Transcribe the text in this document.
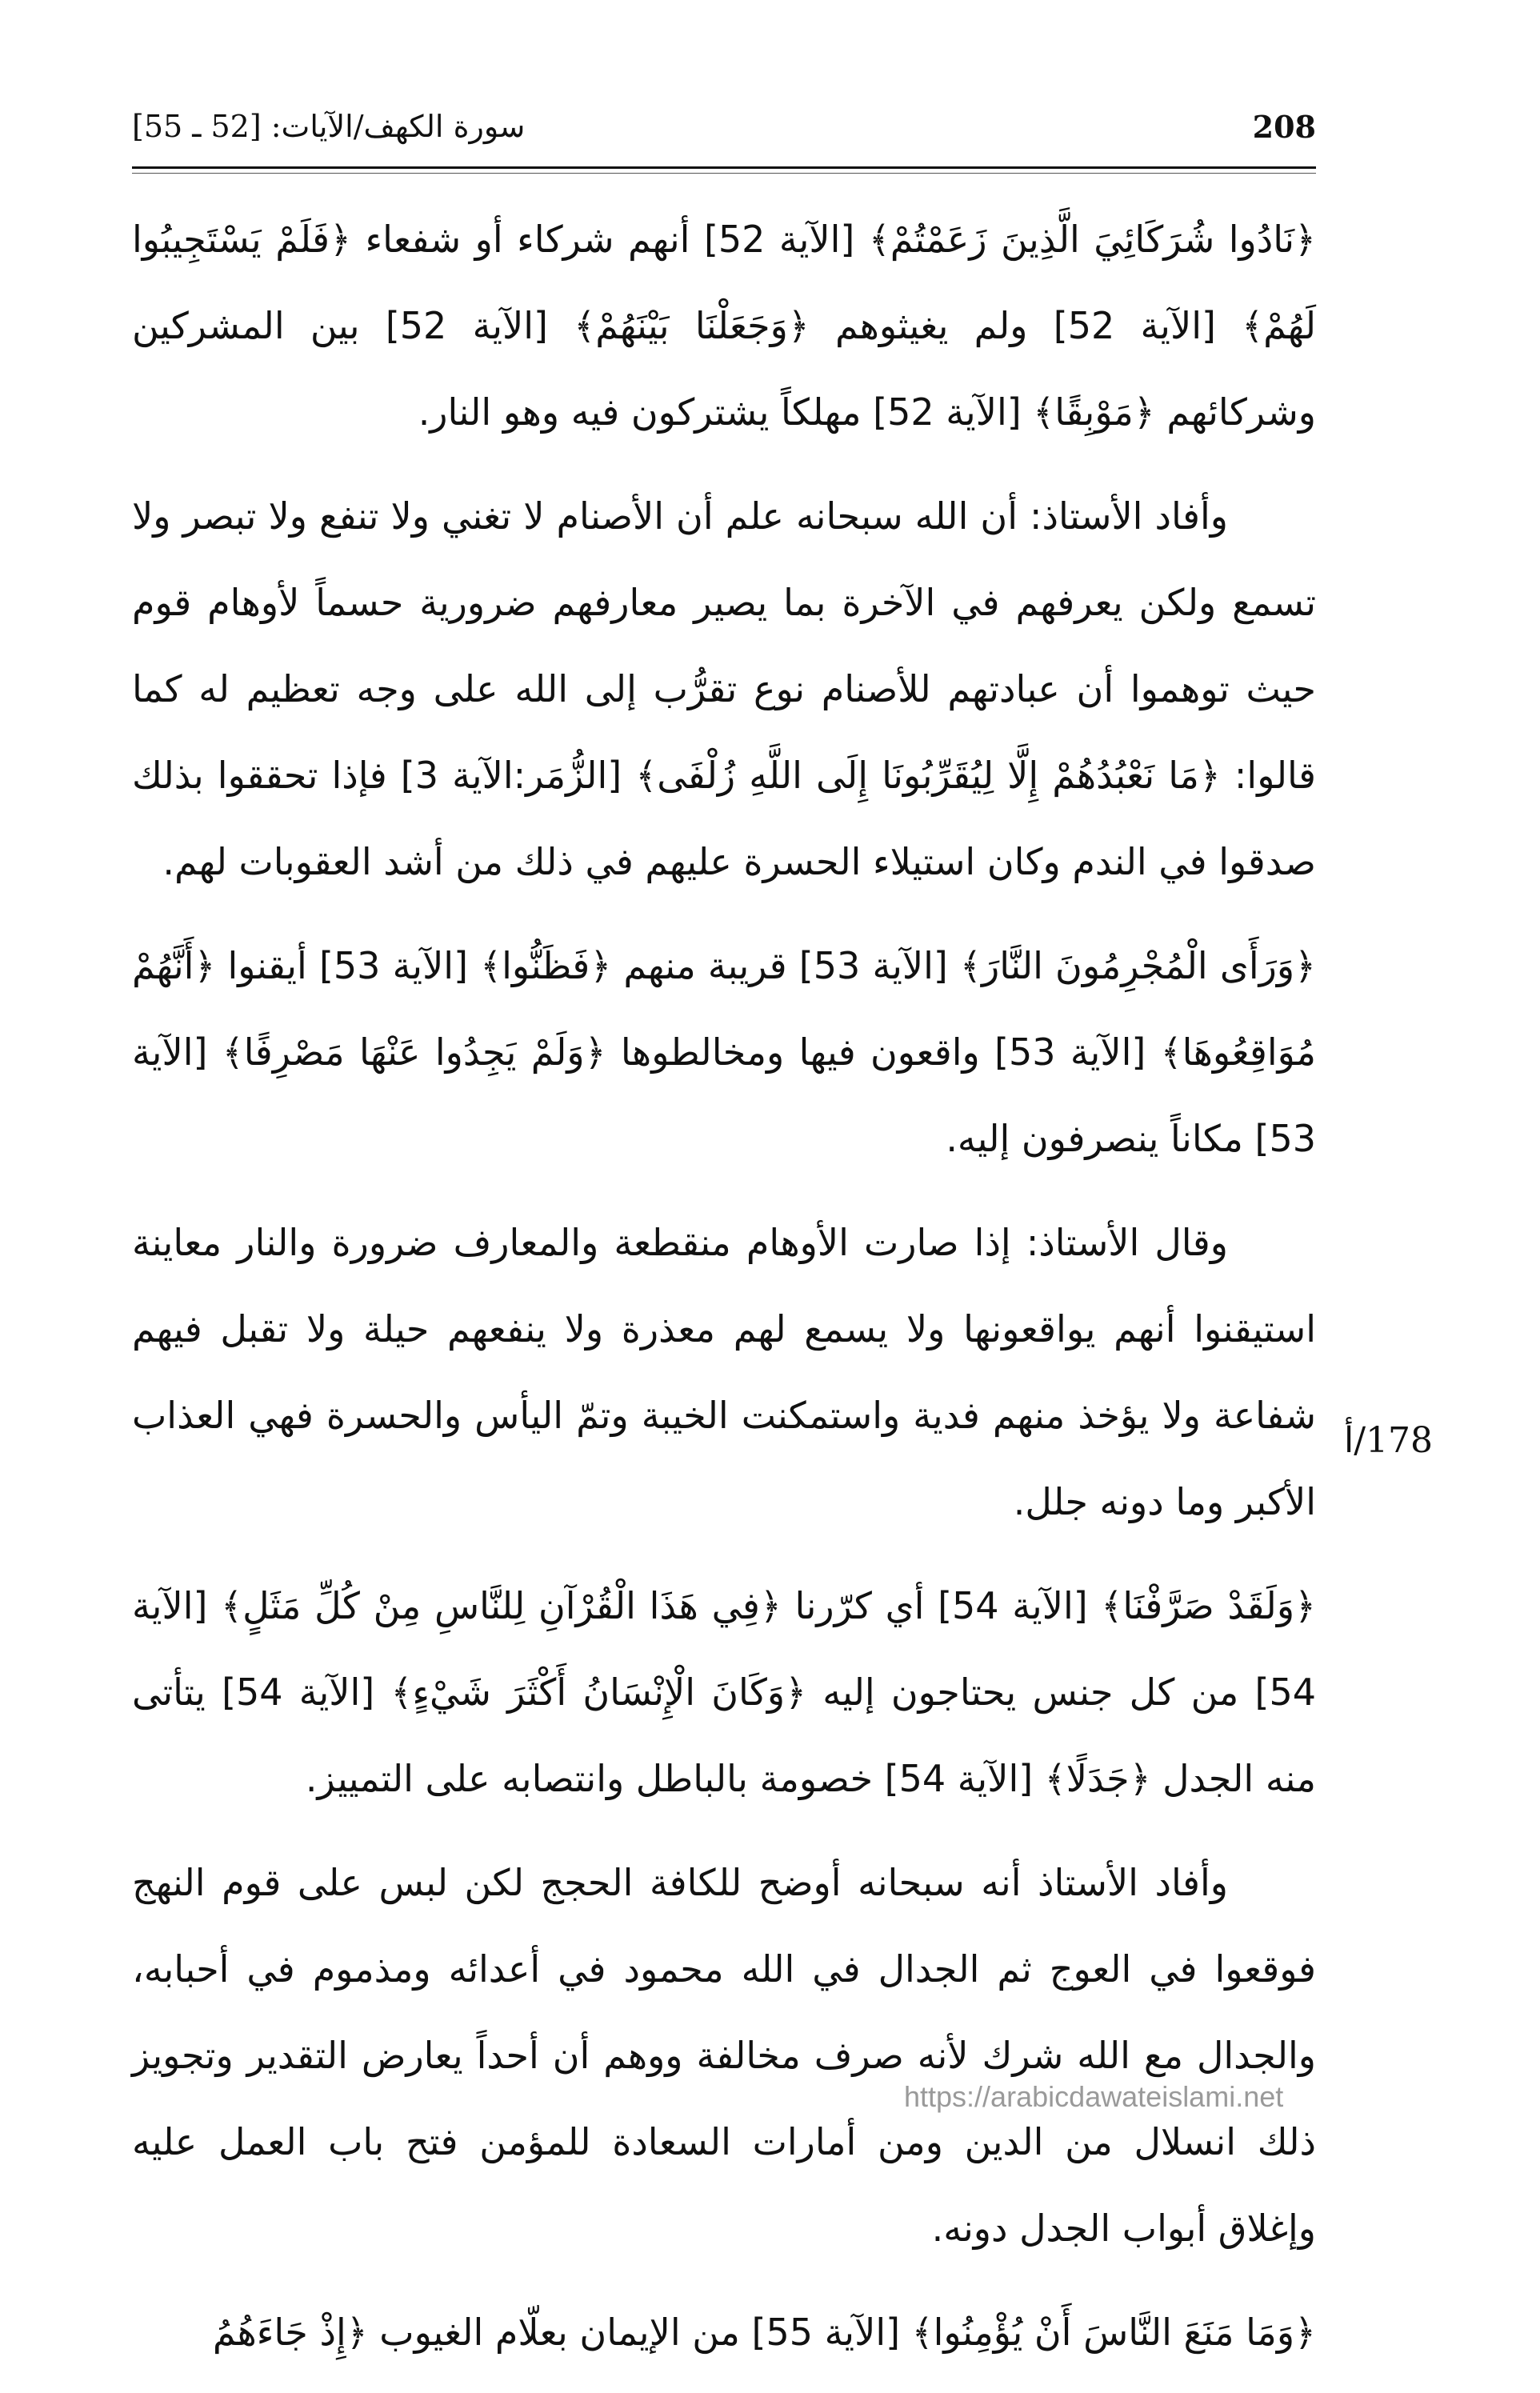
208
سورة الكهف/الآيات: [52 ـ 55]

﴿نَادُوا شُرَكَائِيَ الَّذِينَ زَعَمْتُمْ﴾ [الآية 52] أنهم شركاء أو شفعاء ﴿فَلَمْ يَسْتَجِيبُوا لَهُمْ﴾ [الآية 52] ولم يغيثوهم ﴿وَجَعَلْنَا بَيْنَهُمْ﴾ [الآية 52] بين المشركين وشركائهم ﴿مَوْبِقًا﴾ [الآية 52] مهلكاً يشتركون فيه وهو النار.

وأفاد الأستاذ: أن الله سبحانه علم أن الأصنام لا تغني ولا تنفع ولا تبصر ولا تسمع ولكن يعرفهم في الآخرة بما يصير معارفهم ضرورية حسماً لأوهام قوم حيث توهموا أن عبادتهم للأصنام نوع تقرُّب إلى الله على وجه تعظيم له كما قالوا: ﴿مَا نَعْبُدُهُمْ إِلَّا لِيُقَرِّبُونَا إِلَى اللَّهِ زُلْفَى﴾ [الزُّمَر:الآية 3] فإذا تحققوا بذلك صدقوا في الندم وكان استيلاء الحسرة عليهم في ذلك من أشد العقوبات لهم.

﴿وَرَأَى الْمُجْرِمُونَ النَّارَ﴾ [الآية 53] قريبة منهم ﴿فَظَنُّوا﴾ [الآية 53] أيقنوا ﴿أَنَّهُمْ مُوَاقِعُوهَا﴾ [الآية 53] واقعون فيها ومخالطوها ﴿وَلَمْ يَجِدُوا عَنْهَا مَصْرِفًا﴾ [الآية 53] مكاناً ينصرفون إليه.

وقال الأستاذ: إذا صارت الأوهام منقطعة والمعارف ضرورة والنار معاينة استيقنوا أنهم يواقعونها ولا يسمع لهم معذرة ولا ينفعهم حيلة ولا تقبل فيهم شفاعة ولا يؤخذ منهم فدية واستمكنت الخيبة وتمّ اليأس والحسرة فهي العذاب الأكبر وما دونه جلل.

﴿وَلَقَدْ صَرَّفْنَا﴾ [الآية 54] أي كرّرنا ﴿فِي هَذَا الْقُرْآنِ لِلنَّاسِ مِنْ كُلِّ مَثَلٍ﴾ [الآية 54] من كل جنس يحتاجون إليه ﴿وَكَانَ الْإِنْسَانُ أَكْثَرَ شَيْءٍ﴾ [الآية 54] يتأتى منه الجدل ﴿جَدَلًا﴾ [الآية 54] خصومة بالباطل وانتصابه على التمييز.

وأفاد الأستاذ أنه سبحانه أوضح للكافة الحجج لكن لبس على قوم النهج فوقعوا في العوج ثم الجدال في الله محمود في أعدائه ومذموم في أحبابه، والجدال مع الله شرك لأنه صرف مخالفة ووهم أن أحداً يعارض التقدير وتجويز ذلك انسلال من الدين ومن أمارات السعادة للمؤمن فتح باب العمل عليه وإغلاق أبواب الجدل دونه.

﴿وَمَا مَنَعَ النَّاسَ أَنْ يُؤْمِنُوا﴾ [الآية 55] من الإيمان بعلّام الغيوب ﴿إِذْ جَاءَهُمُ

178/أ
https://arabicdawateislami.net
